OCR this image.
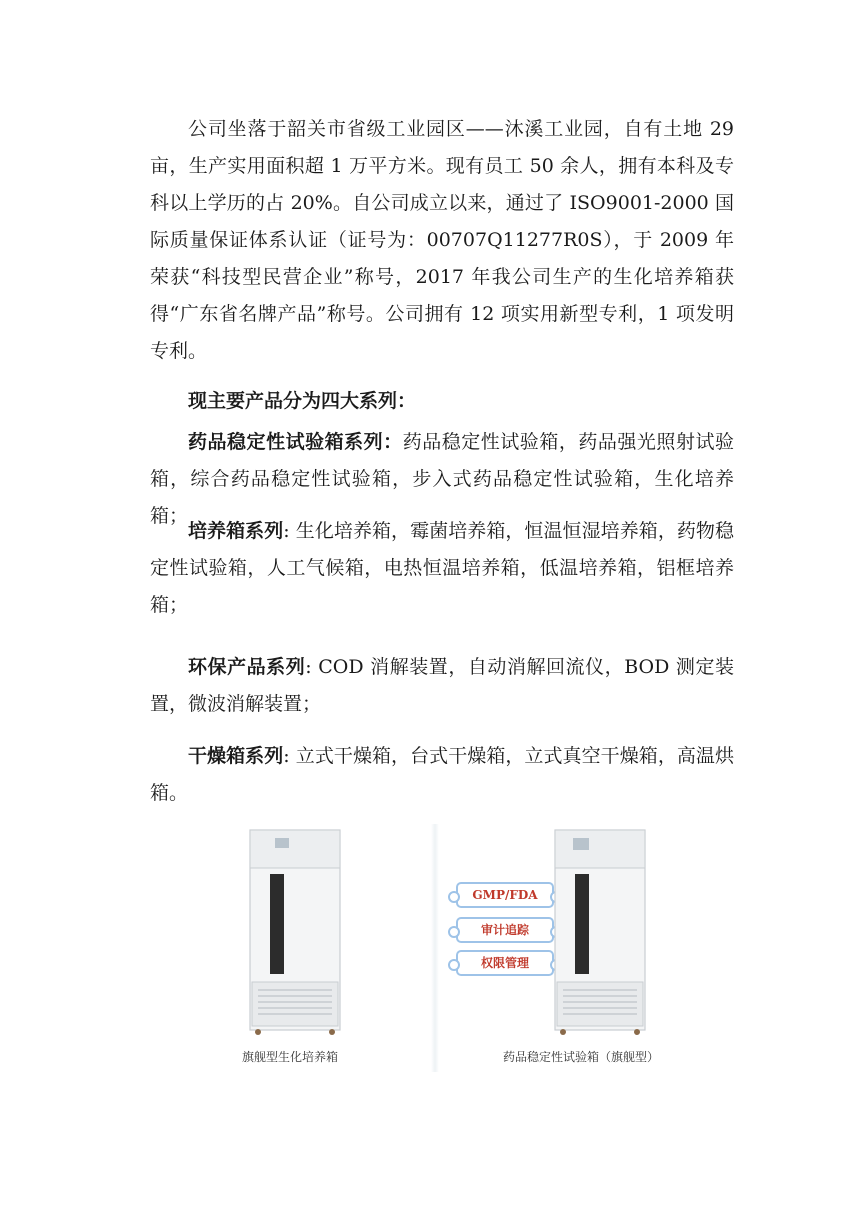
公司坐落于韶关市省级工业园区——沐溪工业园，自有土地 29 亩，生产实用面积超 1 万平方米。现有员工 50 余人，拥有本科及专科以上学历的占 20%。自公司成立以来，通过了 ISO9001-2000 国际质量保证体系认证（证号为：00707Q11277R0S），于 2009 年荣获“科技型民营企业”称号，2017 年我公司生产的生化培养箱获得“广东省名牌产品”称号。公司拥有 12 项实用新型专利，1 项发明专利。

现主要产品分为四大系列：

药品稳定性试验箱系列：药品稳定性试验箱，药品强光照射试验箱，综合药品稳定性试验箱，步入式药品稳定性试验箱，生化培养箱；

培养箱系列: 生化培养箱，霉菌培养箱，恒温恒湿培养箱，药物稳定性试验箱，人工气候箱，电热恒温培养箱，低温培养箱，铝框培养箱；

环保产品系列: COD 消解装置，自动消解回流仪，BOD 测定装置，微波消解装置；

干燥箱系列: 立式干燥箱，台式干燥箱，立式真空干燥箱，高温烘箱。

旗舰型生化培养箱
GMP/FDA
审计追踪
权限管理
药品稳定性试验箱（旗舰型）
